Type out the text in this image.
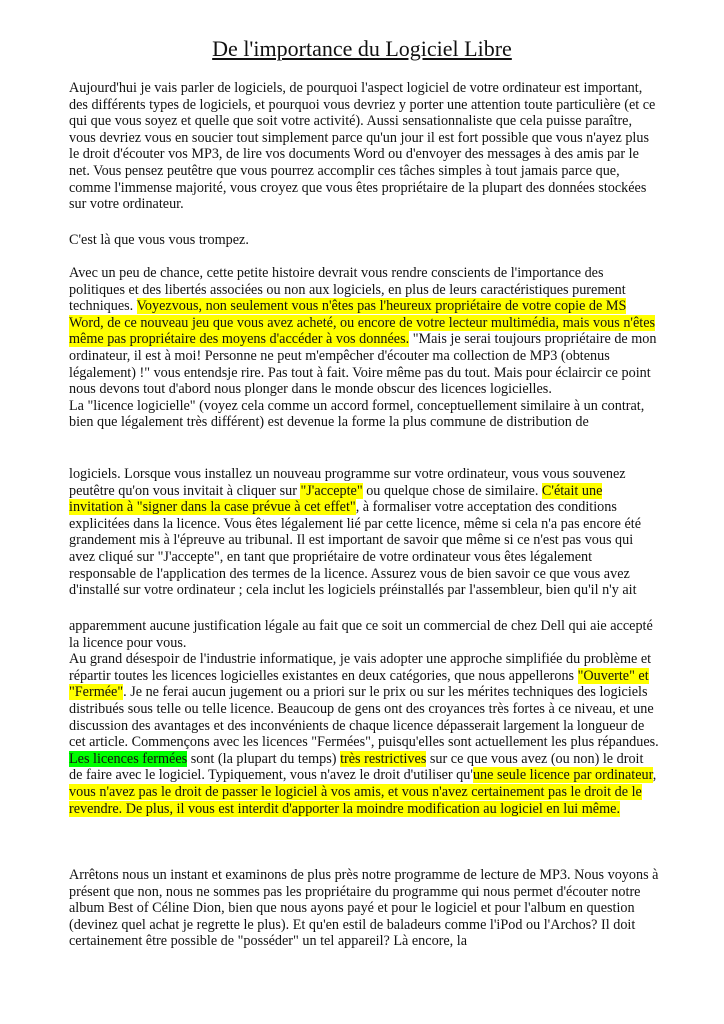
De l'importance du Logiciel Libre

Aujourd'hui je vais parler de logiciels, de pourquoi l'aspect logiciel de votre ordinateur est important, des différents types de logiciels, et pourquoi vous devriez y porter une attention toute particulière (et ce qui que vous soyez et quelle que soit votre activité). Aussi sensationnaliste que cela puisse paraître, vous devriez vous en soucier tout simplement parce qu'un jour il est fort possible que vous n'ayez plus le droit d'écouter vos MP3, de lire vos documents Word ou d'envoyer des messages à des amis par le net. Vous pensez peutêtre que vous pourrez accomplir ces tâches simples à tout jamais parce que, comme l'immense majorité, vous croyez que vous êtes propriétaire de la plupart des données stockées sur votre ordinateur.

C'est là que vous vous trompez.

Avec un peu de chance, cette petite histoire devrait vous rendre conscients de l'importance des politiques et des libertés associées ou non aux logiciels, en plus de leurs caractéristiques purement techniques. Voyezvous, non seulement vous n'êtes pas l'heureux propriétaire de votre copie de MS Word, de ce nouveau jeu que vous avez acheté, ou encore de votre lecteur multimédia, mais vous n'êtes même pas propriétaire des moyens d'accéder à vos données. "Mais je serai toujours propriétaire de mon ordinateur, il est à moi! Personne ne peut m'empêcher d'écouter ma collection de MP3 (obtenus légalement) !" vous entendsje rire. Pas tout à fait. Voire même pas du tout. Mais pour éclaircir ce point nous devons tout d'abord nous plonger dans le monde obscur des licences logicielles.
La "licence logicielle" (voyez cela comme un accord formel, conceptuellement similaire à un contrat, bien que légalement très différent) est devenue la forme la plus commune de distribution de

logiciels. Lorsque vous installez un nouveau programme sur votre ordinateur, vous vous souvenez peutêtre qu'on vous invitait à cliquer sur "J'accepte" ou quelque chose de similaire. C'était une invitation à "signer dans la case prévue à cet effet", à formaliser votre acceptation des conditions explicitées dans la licence. Vous êtes légalement lié par cette licence, même si cela n'a pas encore été grandement mis à l'épreuve au tribunal. Il est important de savoir que même si ce n'est pas vous qui avez cliqué sur "J'accepte", en tant que propriétaire de votre ordinateur vous êtes légalement responsable de l'application des termes de la licence. Assurez vous de bien savoir ce que vous avez d'installé sur votre ordinateur ; cela inclut les logiciels préinstallés par l'assembleur, bien qu'il n'y ait

apparemment aucune justification légale au fait que ce soit un commercial de chez Dell qui aie accepté la licence pour vous.
Au grand désespoir de l'industrie informatique, je vais adopter une approche simplifiée du problème et répartir toutes les licences logicielles existantes en deux catégories, que nous appellerons "Ouverte" et "Fermée". Je ne ferai aucun jugement ou a priori sur le prix ou sur les mérites techniques des logiciels distribués sous telle ou telle licence. Beaucoup de gens ont des croyances très fortes à ce niveau, et une discussion des avantages et des inconvénients de chaque licence dépasserait largement la longueur de cet article. Commençons avec les licences "Fermées", puisqu'elles sont actuellement les plus répandues.
Les licences fermées sont (la plupart du temps) très restrictives sur ce que vous avez (ou non) le droit de faire avec le logiciel. Typiquement, vous n'avez le droit d'utiliser qu'une seule licence par ordinateur, vous n'avez pas le droit de passer le logiciel à vos amis, et vous n'avez certainement pas le droit de le revendre. De plus, il vous est interdit d'apporter la moindre modification au logiciel en lui même.

Arrêtons nous un instant et examinons de plus près notre programme de lecture de MP3. Nous voyons à présent que non, nous ne sommes pas les propriétaire du programme qui nous permet d'écouter notre album Best of Céline Dion, bien que nous ayons payé et pour le logiciel et pour l'album en question (devinez quel achat je regrette le plus). Et qu'en estil de baladeurs comme l'iPod ou l'Archos? Il doit certainement être possible de "posséder" un tel appareil? Là encore, la
